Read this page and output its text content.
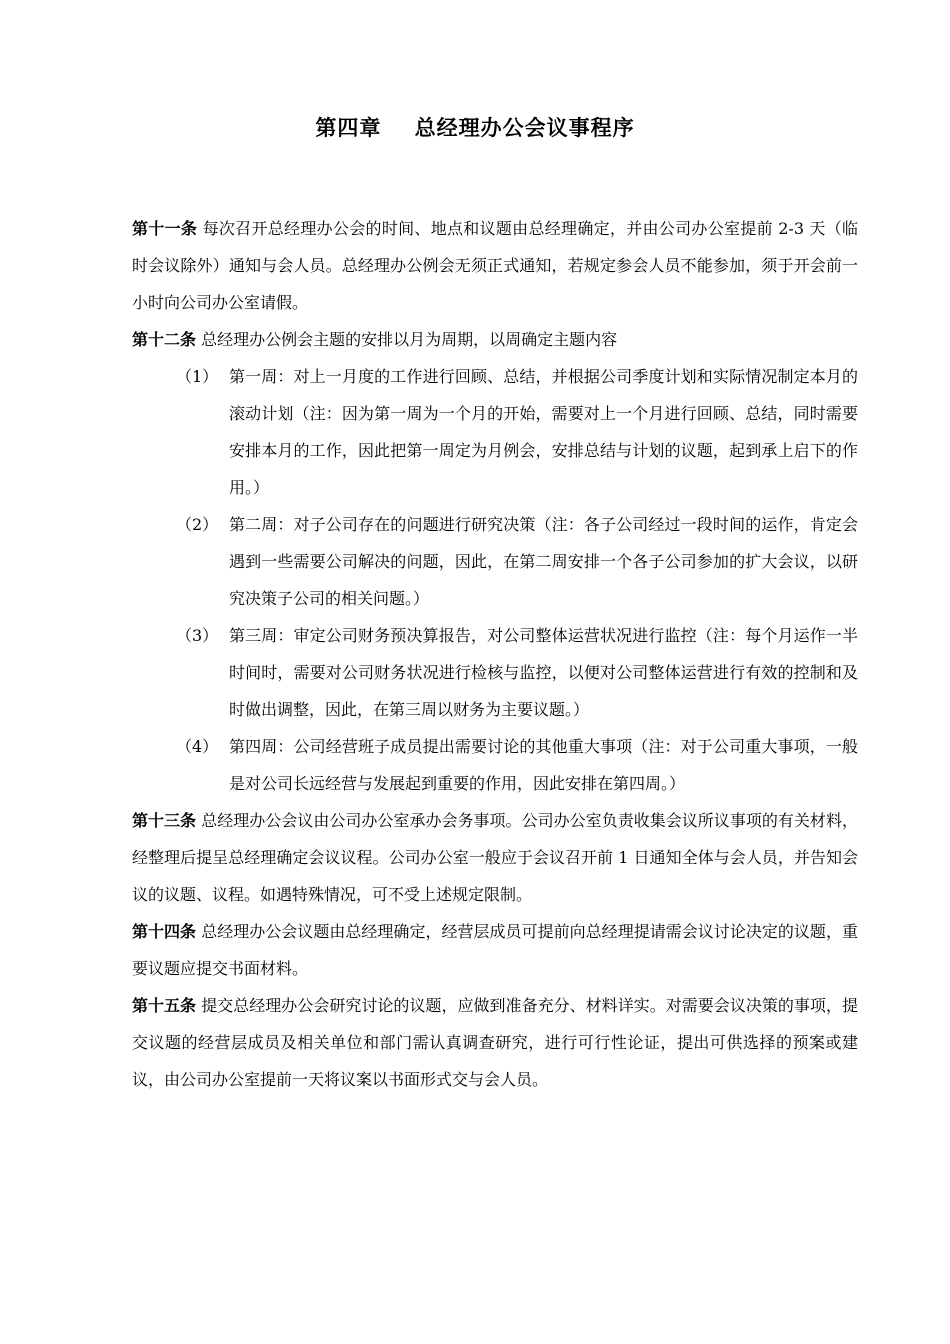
第四章    总经理办公会议事程序

第十一条 每次召开总经理办公会的时间、地点和议题由总经理确定，并由公司办公室提前 2-3 天（临时会议除外）通知与会人员。总经理办公例会无须正式通知，若规定参会人员不能参加，须于开会前一小时向公司办公室请假。

第十二条 总经理办公例会主题的安排以月为周期，以周确定主题内容

（1） 第一周：对上一月度的工作进行回顾、总结，并根据公司季度计划和实际情况制定本月的滚动计划（注：因为第一周为一个月的开始，需要对上一个月进行回顾、总结，同时需要安排本月的工作，因此把第一周定为月例会，安排总结与计划的议题，起到承上启下的作用。）
（2） 第二周：对子公司存在的问题进行研究决策（注：各子公司经过一段时间的运作，肯定会遇到一些需要公司解决的问题，因此，在第二周安排一个各子公司参加的扩大会议，以研究决策子公司的相关问题。）
（3） 第三周：审定公司财务预决算报告，对公司整体运营状况进行监控（注：每个月运作一半时间时，需要对公司财务状况进行检核与监控，以便对公司整体运营进行有效的控制和及时做出调整，因此，在第三周以财务为主要议题。）
（4） 第四周：公司经营班子成员提出需要讨论的其他重大事项（注：对于公司重大事项，一般是对公司长远经营与发展起到重要的作用，因此安排在第四周。）

第十三条 总经理办公会议由公司办公室承办会务事项。公司办公室负责收集会议所议事项的有关材料，经整理后提呈总经理确定会议议程。公司办公室一般应于会议召开前 1 日通知全体与会人员，并告知会议的议题、议程。如遇特殊情况，可不受上述规定限制。

第十四条 总经理办公会议题由总经理确定，经营层成员可提前向总经理提请需会议讨论决定的议题，重要议题应提交书面材料。

第十五条 提交总经理办公会研究讨论的议题，应做到准备充分、材料详实。对需要会议决策的事项，提交议题的经营层成员及相关单位和部门需认真调查研究，进行可行性论证，提出可供选择的预案或建议，由公司办公室提前一天将议案以书面形式交与会人员。
